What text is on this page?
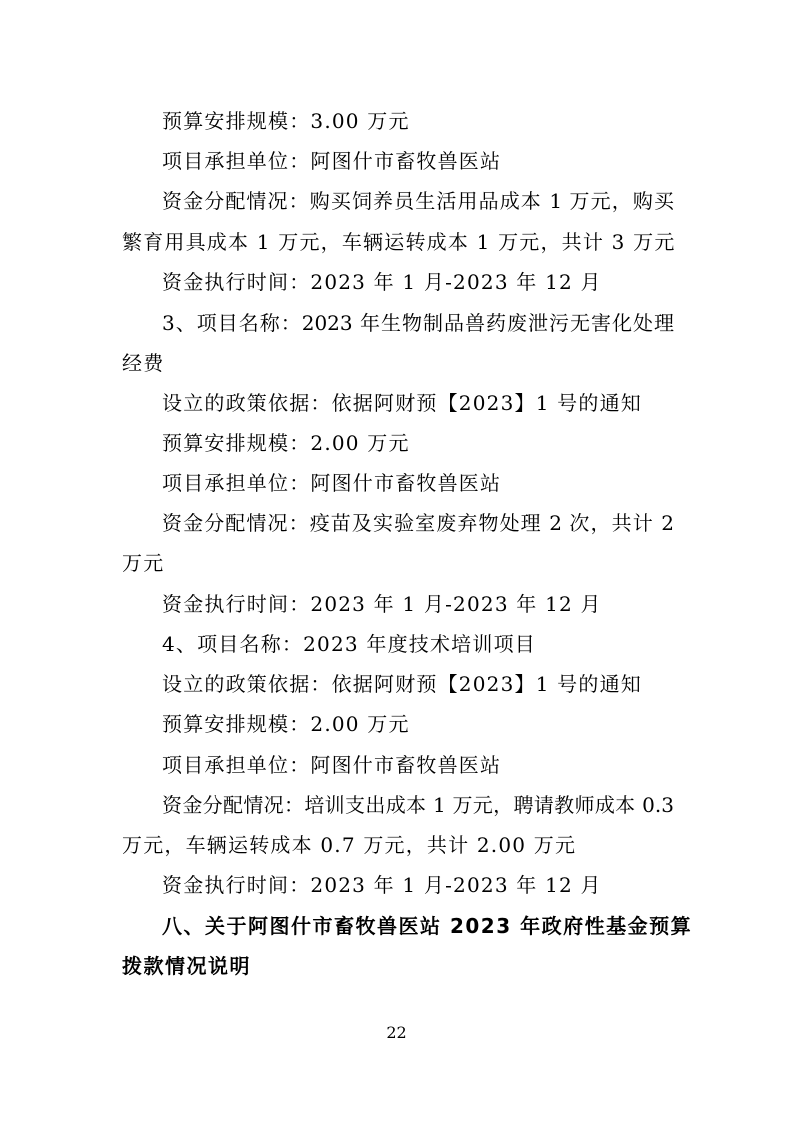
预算安排规模：3.00 万元
项目承担单位：阿图什市畜牧兽医站
资金分配情况：购买饲养员生活用品成本 1 万元，购买
繁育用具成本 1 万元，车辆运转成本 1 万元，共计 3 万元
资金执行时间：2023 年 1 月-2023 年 12 月
3、项目名称：2023 年生物制品兽药废泄污无害化处理
经费
设立的政策依据：依据阿财预【2023】1 号的通知
预算安排规模：2.00 万元
项目承担单位：阿图什市畜牧兽医站
资金分配情况：疫苗及实验室废弃物处理 2 次，共计 2
万元
资金执行时间：2023 年 1 月-2023 年 12 月
4、项目名称：2023 年度技术培训项目
设立的政策依据：依据阿财预【2023】1 号的通知
预算安排规模：2.00 万元
项目承担单位：阿图什市畜牧兽医站
资金分配情况：培训支出成本 1 万元，聘请教师成本 0.3
万元，车辆运转成本 0.7 万元，共计 2.00 万元
资金执行时间：2023 年 1 月-2023 年 12 月
八、关于阿图什市畜牧兽医站 2023 年政府性基金预算
拨款情况说明
22
